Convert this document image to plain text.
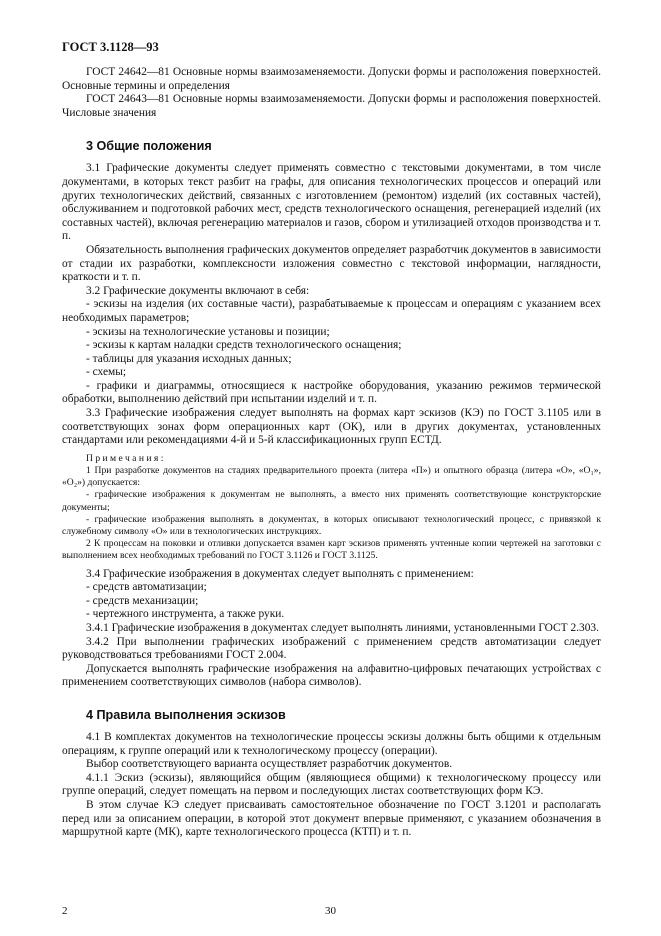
ГОСТ 3.1128—93

ГОСТ 24642—81 Основные нормы взаимозаменяемости. Допуски формы и расположения поверхностей. Основные термины и определения

ГОСТ 24643—81 Основные нормы взаимозаменяемости. Допуски формы и расположения поверхностей. Числовые значения

3 Общие положения

3.1 Графические документы следует применять совместно с текстовыми документами, в том числе документами, в которых текст разбит на графы, для описания технологических процессов и операций или других технологических действий, связанных с изготовлением (ремонтом) изделий (их составных частей), обслуживанием и подготовкой рабочих мест, средств технологического оснащения, регенерацией изделий (их составных частей), включая регенерацию материалов и газов, сбором и утилизацией отходов производства и т. п.

Обязательность выполнения графических документов определяет разработчик документов в зависимости от стадии их разработки, комплексности изложения совместно с текстовой информации, наглядности, краткости и т. п.

3.2 Графические документы включают в себя:

- эскизы на изделия (их составные части), разрабатываемые к процессам и операциям с указанием всех необходимых параметров;

- эскизы на технологические установы и позиции;

- эскизы к картам наладки средств технологического оснащения;

- таблицы для указания исходных данных;

- схемы;

- графики и диаграммы, относящиеся к настройке оборудования, указанию режимов термической обработки, выполнению действий при испытании изделий и т. п.

3.3 Графические изображения следует выполнять на формах карт эскизов (КЭ) по ГОСТ 3.1105 или в соответствующих зонах форм операционных карт (ОК), или в других документах, установленных стандартами или рекомендациями 4-й и 5-й классификационных групп ЕСТД.

Примечания:

1 При разработке документов на стадиях предварительного проекта (литера «П») и опытного образца (литера «О», «О₁», «О₂») допускается:

- графические изображения к документам не выполнять, а вместо них применять соответствующие конструкторские документы;

- графические изображения выполнять в документах, в которых описывают технологический процесс, с привязкой к служебному символу «О» или в технологических инструкциях.

2 К процессам на поковки и отливки допускается взамен карт эскизов применять учтенные копии чертежей на заготовки с выполнением всех необходимых требований по ГОСТ 3.1126 и ГОСТ 3.1125.

3.4 Графические изображения в документах следует выполнять с применением:

- средств автоматизации;

- средств механизации;

- чертежного инструмента, а также руки.

3.4.1 Графические изображения в документах следует выполнять линиями, установленными ГОСТ 2.303.

3.4.2 При выполнении графических изображений с применением средств автоматизации следует руководствоваться требованиями ГОСТ 2.004.

Допускается выполнять графические изображения на алфавитно-цифровых печатающих устройствах с применением соответствующих символов (набора символов).

4 Правила выполнения эскизов

4.1 В комплектах документов на технологические процессы эскизы должны быть общими к отдельным операциям, к группе операций или к технологическому процессу (операции).

Выбор соответствующего варианта осуществляет разработчик документов.

4.1.1 Эскиз (эскизы), являющийся общим (являющиеся общими) к технологическому процессу или группе операций, следует помещать на первом и последующих листах соответствующих форм КЭ.

В этом случае КЭ следует присваивать самостоятельное обозначение по ГОСТ 3.1201 и располагать перед или за описанием операции, в которой этот документ впервые применяют, с указанием обозначения в маршрутной карте (МК), карте технологического процесса (КТП) и т. п.

2	30
